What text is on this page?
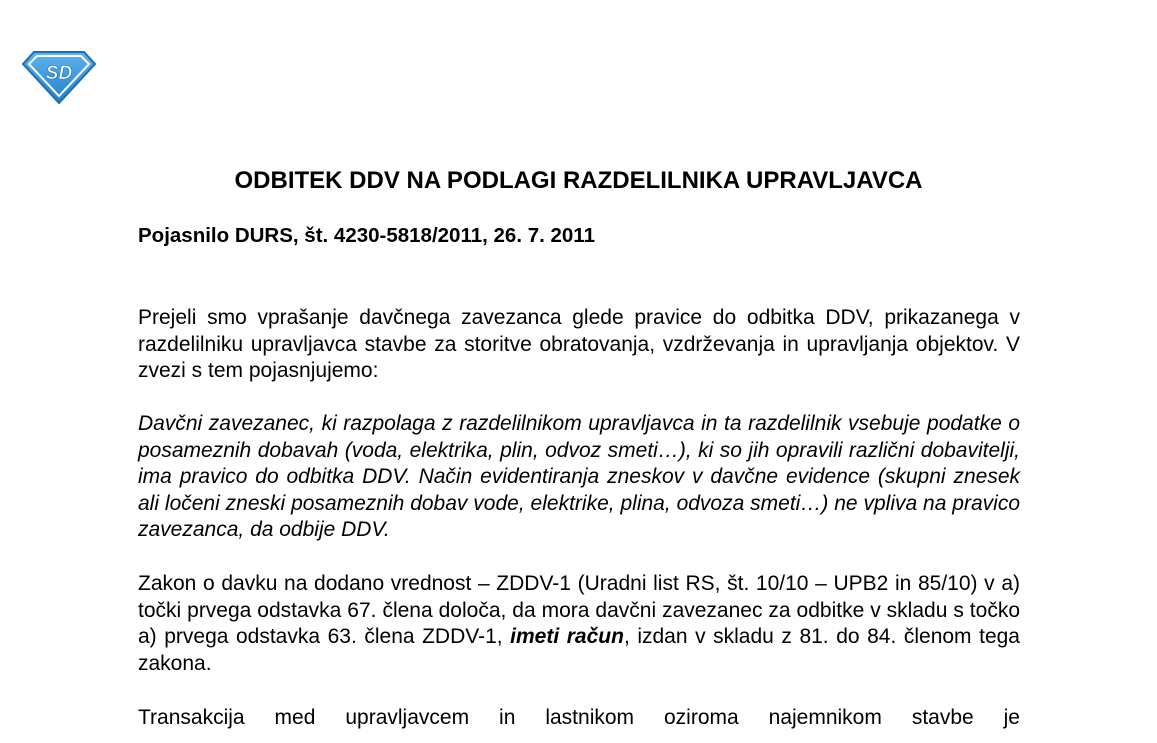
SD
ODBITEK DDV NA PODLAGI RAZDELILNIKA UPRAVLJAVCA

Pojasnilo DURS, št. 4230-5818/2011, 26. 7. 2011

Prejeli smo vprašanje davčnega zavezanca glede pravice do odbitka DDV, prikazanega v razdelilniku upravljavca stavbe za storitve obratovanja, vzdrževanja in upravljanja objektov. V zvezi s tem pojasnjujemo:

Davčni zavezanec, ki razpolaga z razdelilnikom upravljavca in ta razdelilnik vsebuje podatke o posameznih dobavah (voda, elektrika, plin, odvoz smeti…), ki so jih opravili različni dobavitelji, ima pravico do odbitka DDV. Način evidentiranja zneskov v davčne evidence (skupni znesek ali ločeni zneski posameznih dobav vode, elektrike, plina, odvoza smeti…) ne vpliva na pravico zavezanca, da odbije DDV.

Zakon o davku na dodano vrednost – ZDDV-1 (Uradni list RS, št. 10/10 – UPB2 in 85/10) v a) točki prvega odstavka 67. člena določa, da mora davčni zavezanec za odbitke v skladu s točko a) prvega odstavka 63. člena ZDDV-1, imeti račun, izdan v skladu z 81. do 84. členom tega zakona.

Transakcija med upravljavcem in lastnikom oziroma najemnikom stavbe je
